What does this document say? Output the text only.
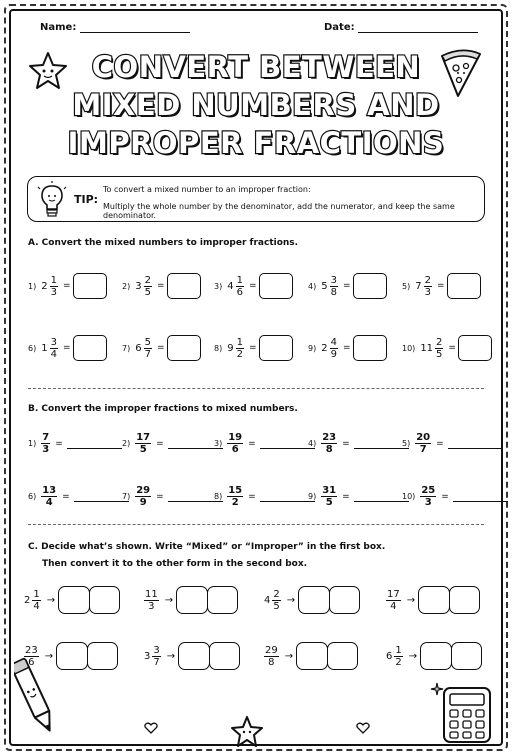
Name:	Date:
CONVERT BETWEEN
MIXED NUMBERS AND
IMPROPER FRACTIONS
TIP:
To convert a mixed number to an improper fraction:
Multiply the whole number by the denominator, add the numerator, and keep the same denominator.
A. Convert the mixed numbers to improper fractions.
1) $2 \frac{1}{3}$ =	2) $3 \frac{2}{5}$ =	3) $4 \frac{1}{6}$ =	4) $5 \frac{3}{8}$ =	5) $7 \frac{2}{3}$ =
6) $1 \frac{3}{4}$ =	7) $6 \frac{5}{7}$ =	8) $9 \frac{1}{2}$ =	9) $2 \frac{4}{9}$ =	10) $11 \frac{2}{5}$ =
B. Convert the improper fractions to mixed numbers.
$1) \frac{7}{3}$ =	$2) \frac{17}{5}$ =	$3) \frac{19}{6}$ =	$4) \frac{23}{8}$ =	$5) \frac{20}{7}$ =
$6) \frac{13}{4}$ =	$7) \frac{29}{9}$ =	$8) \frac{15}{2}$ =	$9) \frac{31}{5}$ =	$10) \frac{25}{3}$ =
C. Decide what’s shown. Write “Mixed” or “Improper” in the first box.
Then convert it to the other form in the second box.
$2 \frac{1}{4}$ →	$\frac{11}{3}$ →	$4 \frac{2}{5}$ →	$\frac{17}{4}$ →
$\frac{23}{6}$ →	$3 \frac{3}{7}$ →	$\frac{29}{8}$ →	$6 \frac{1}{2}$ →
